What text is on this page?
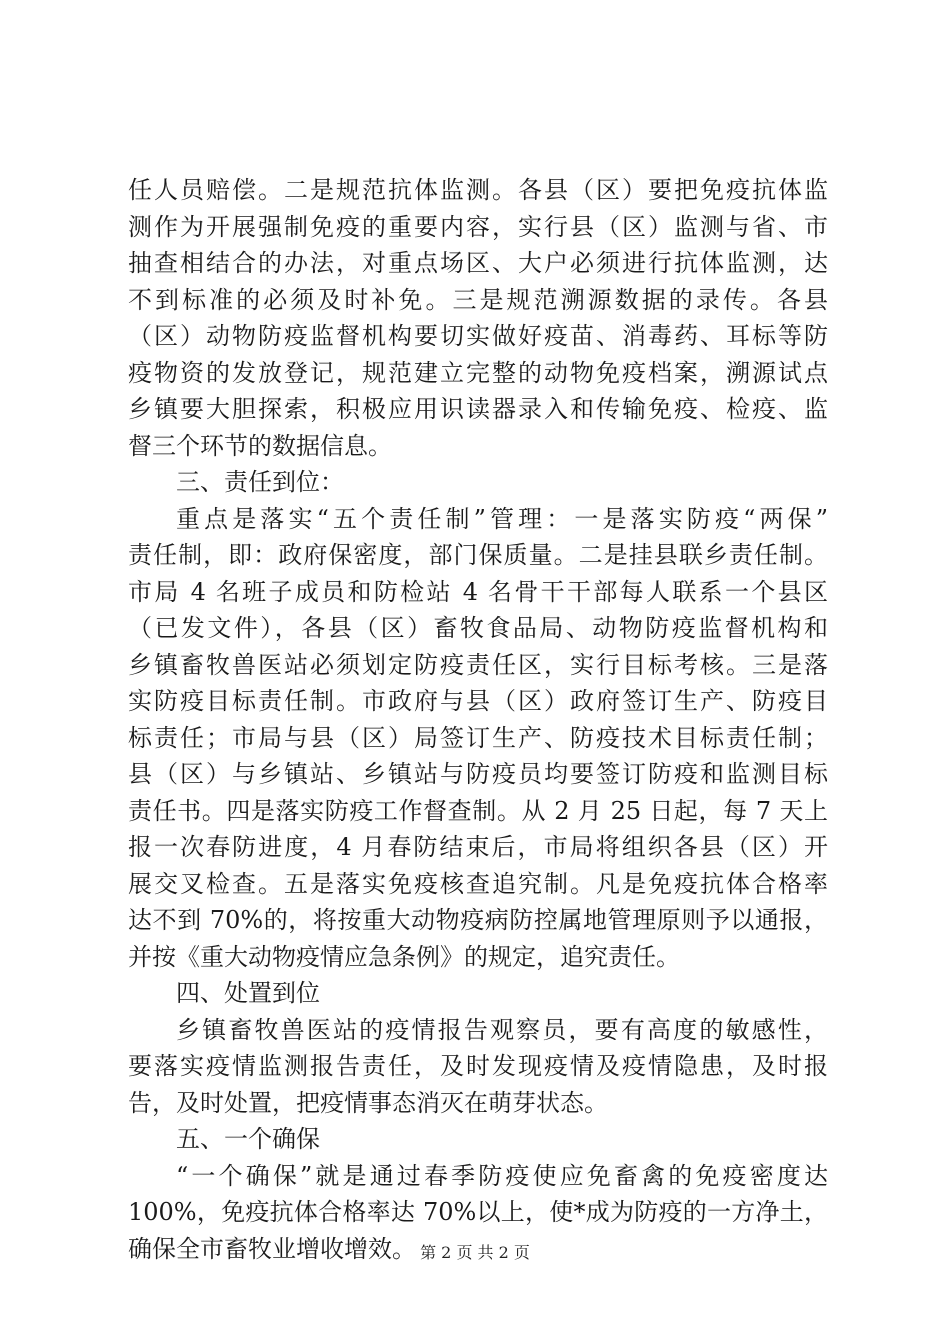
任人员赔偿。二是规范抗体监测。各县（区）要把免疫抗体监
测作为开展强制免疫的重要内容，实行县（区）监测与省、市
抽查相结合的办法，对重点场区、大户必须进行抗体监测，达
不到标准的必须及时补免。三是规范溯源数据的录传。各县
（区）动物防疫监督机构要切实做好疫苗、消毒药、耳标等防
疫物资的发放登记，规范建立完整的动物免疫档案，溯源试点
乡镇要大胆探索，积极应用识读器录入和传输免疫、检疫、监
督三个环节的数据信息。
三、责任到位：
重点是落实“五个责任制”管理：一是落实防疫“两保”
责任制，即：政府保密度，部门保质量。二是挂县联乡责任制。
市局 4 名班子成员和防检站 4 名骨干干部每人联系一个县区
（已发文件），各县（区）畜牧食品局、动物防疫监督机构和
乡镇畜牧兽医站必须划定防疫责任区，实行目标考核。三是落
实防疫目标责任制。市政府与县（区）政府签订生产、防疫目
标责任；市局与县（区）局签订生产、防疫技术目标责任制；
县（区）与乡镇站、乡镇站与防疫员均要签订防疫和监测目标
责任书。四是落实防疫工作督查制。从 2 月 25 日起，每 7 天上
报一次春防进度，4 月春防结束后，市局将组织各县（区）开
展交叉检查。五是落实免疫核查追究制。凡是免疫抗体合格率
达不到 70%的，将按重大动物疫病防控属地管理原则予以通报，
并按《重大动物疫情应急条例》的规定，追究责任。
四、处置到位
乡镇畜牧兽医站的疫情报告观察员，要有高度的敏感性，
要落实疫情监测报告责任，及时发现疫情及疫情隐患，及时报
告，及时处置，把疫情事态消灭在萌芽状态。
五、一个确保
“一个确保”就是通过春季防疫使应免畜禽的免疫密度达
100%，免疫抗体合格率达 70%以上，使*成为防疫的一方净土，
确保全市畜牧业增收增效。 第 2 页 共 2 页
